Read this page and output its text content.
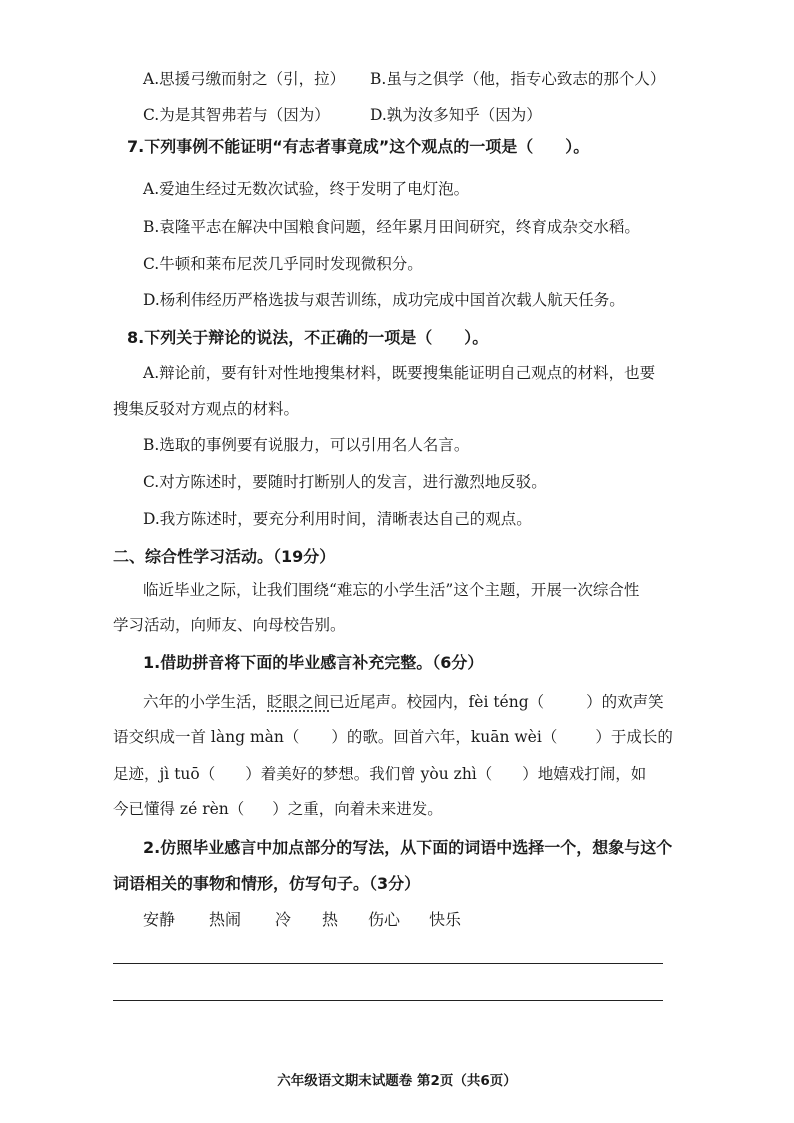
A.思援弓缴而射之（引，拉） B.虽与之俱学（他，指专心致志的那个人）
C.为是其智弗若与（因为）	D.孰为汝多知乎（因为）
7.下列事例不能证明“有志者事竟成”这个观点的一项是（　　）。
A.爱迪生经过无数次试验，终于发明了电灯泡。
B.袁隆平志在解决中国粮食问题，经年累月田间研究，终育成杂交水稻。
C.牛顿和莱布尼茨几乎同时发现微积分。
D.杨利伟经历严格选拔与艰苦训练，成功完成中国首次载人航天任务。
8.下列关于辩论的说法，不正确的一项是（　　）。
A.辩论前，要有针对性地搜集材料，既要搜集能证明自己观点的材料，也要
搜集反驳对方观点的材料。
B.选取的事例要有说服力，可以引用名人名言。
C.对方陈述时，要随时打断别人的发言，进行激烈地反驳。
D.我方陈述时，要充分利用时间，清晰表达自己的观点。
二、综合性学习活动。（19分）
临近毕业之际，让我们围绕“难忘的小学生活”这个主题，开展一次综合性
学习活动，向师友、向母校告别。
1.借助拼音将下面的毕业感言补充完整。（6分）
六年的小学生活，眨眼之间已近尾声。校园内，fèi téng（	）的欢声笑
语交织成一首 làng màn（ ）的歌。回首六年，kuān wèi（ ）于成长的
足迹，jì tuō（ ）着美好的梦想。我们曾 yòu zhì（ ）地嬉戏打闹，如
今已懂得 zé rèn（ ）之重，向着未来进发。
2.仿照毕业感言中加点部分的写法，从下面的词语中选择一个，想象与这个
词语相关的事物和情形，仿写句子。（3分）
安静 热闹 冷 热 伤心 快乐
六年级语文期末试题卷 第2页（共6页）
